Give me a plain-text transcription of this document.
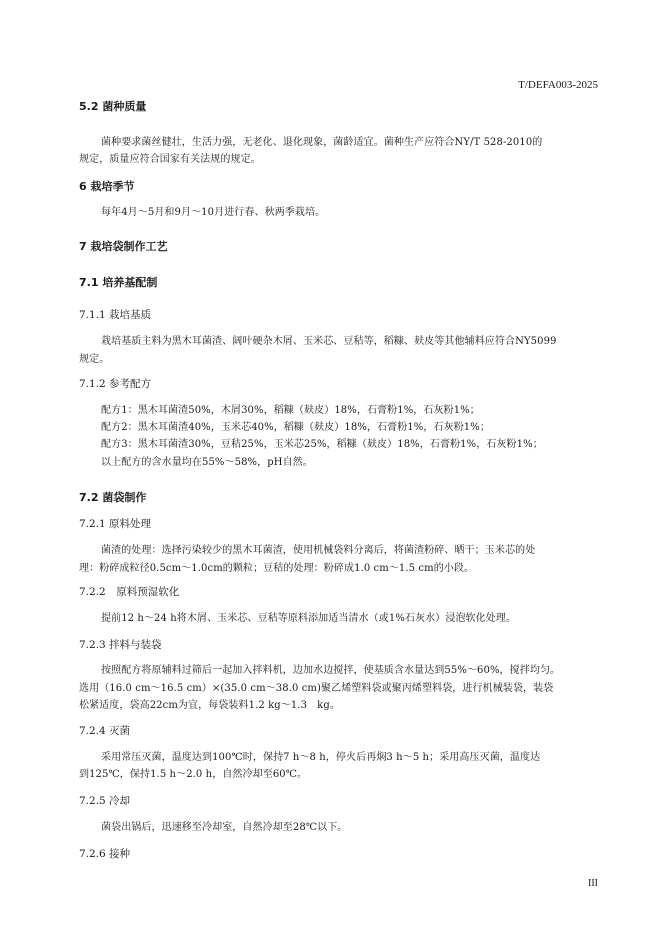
T/DEFA003-2025
5.2 菌种质量
菌种要求菌丝健壮，生活力强，无老化、退化现象，菌龄适宜。菌种生产应符合NY/T 528-2010的
规定，质量应符合国家有关法规的规定。
6 栽培季节
每年4月～5月和9月～10月进行春、秋两季栽培。
7 栽培袋制作工艺
7.1 培养基配制
7.1.1 栽培基质
栽培基质主料为黑木耳菌渣、阔叶硬杂木屑、玉米芯、豆秸等，稻糠、麸皮等其他辅料应符合NY5099
规定。
7.1.2 参考配方
配方1：黑木耳菌渣50%，木屑30%，稻糠（麸皮）18%，石膏粉1%，石灰粉1%；
配方2：黑木耳菌渣40%，玉米芯40%，稻糠（麸皮）18%，石膏粉1%，石灰粉1%；
配方3：黑木耳菌渣30%，豆秸25%，玉米芯25%，稻糠（麸皮）18%，石膏粉1%，石灰粉1%；
以上配方的含水量均在55%～58%，pH自然。
7.2 菌袋制作
7.2.1 原料处理
菌渣的处理：选择污染较少的黑木耳菌渣，使用机械袋料分离后，将菌渣粉碎、晒干；玉米芯的处
理：粉碎成粒径0.5cm～1.0cm的颗粒；豆秸的处理：粉碎成1.0 cm～1.5 cm的小段。
7.2.2　原料预湿软化
提前12 h～24 h将木屑、玉米芯、豆秸等原料添加适当清水（或1%石灰水）浸泡软化处理。
7.2.3 拌料与装袋
按照配方将原辅料过筛后一起加入拌料机，边加水边搅拌，使基质含水量达到55%～60%，搅拌均匀。
选用（16.0 cm～16.5 cm）×(35.0 cm～38.0 cm)聚乙烯塑料袋或聚丙烯塑料袋，进行机械装袋，装袋
松紧适度，袋高22cm为宜，每袋装料1.2 kg～1.3　kg。
7.2.4 灭菌
采用常压灭菌，温度达到100℃时，保持7 h～8 h，停火后再焖3 h～5 h；采用高压灭菌，温度达
到125℃，保持1.5 h～2.0 h，自然冷却至60℃。
7.2.5 冷却
菌袋出锅后，迅速移至冷却室，自然冷却至28℃以下。
7.2.6 接种
III
